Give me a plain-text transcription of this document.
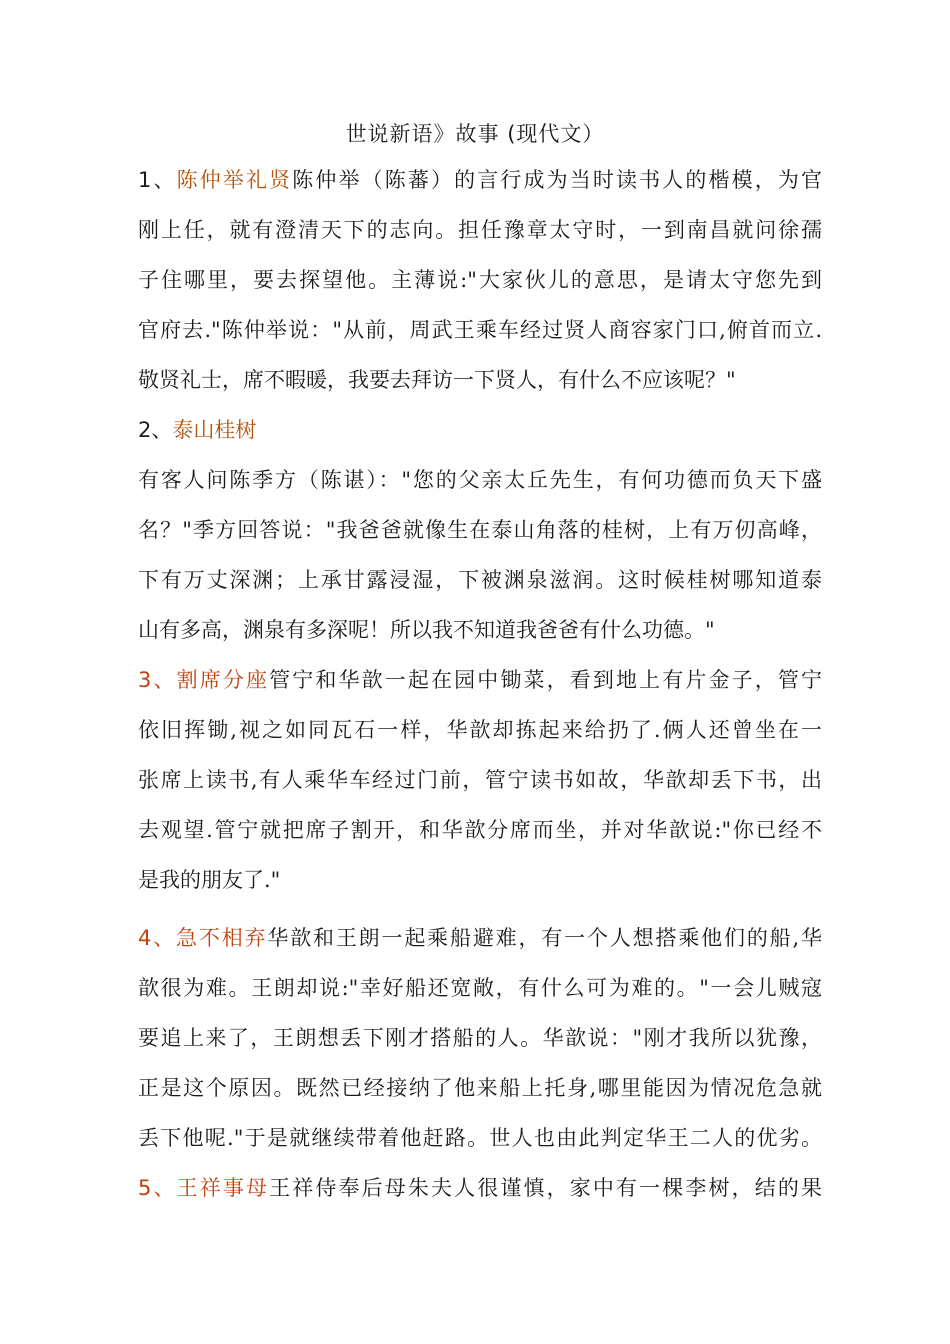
世说新语》故事 (现代文）
1、陈仲举礼贤陈仲举（陈蕃）的言行成为当时读书人的楷模，为官
刚上任，就有澄清天下的志向。担任豫章太守时，一到南昌就问徐孺
子住哪里，要去探望他。主薄说:"大家伙儿的意思，是请太守您先到
官府去."陈仲举说："从前，周武王乘车经过贤人商容家门口,俯首而立.
敬贤礼士，席不暇暖，我要去拜访一下贤人，有什么不应该呢？"
2、泰山桂树
有客人问陈季方（陈谌）："您的父亲太丘先生，有何功德而负天下盛
名？"季方回答说："我爸爸就像生在泰山角落的桂树，上有万仞高峰，
下有万丈深渊；上承甘露浸湿，下被渊泉滋润。这时候桂树哪知道泰
山有多高，渊泉有多深呢！所以我不知道我爸爸有什么功德。"
3、割席分座管宁和华歆一起在园中锄菜，看到地上有片金子，管宁
依旧挥锄,视之如同瓦石一样，华歆却拣起来给扔了.俩人还曾坐在一
张席上读书,有人乘华车经过门前，管宁读书如故，华歆却丢下书，出
去观望.管宁就把席子割开，和华歆分席而坐，并对华歆说:"你已经不
是我的朋友了."
4、急不相弃华歆和王朗一起乘船避难，有一个人想搭乘他们的船,华
歆很为难。王朗却说:"幸好船还宽敞，有什么可为难的。"一会儿贼寇
要追上来了，王朗想丢下刚才搭船的人。华歆说："刚才我所以犹豫，
正是这个原因。既然已经接纳了他来船上托身,哪里能因为情况危急就
丢下他呢."于是就继续带着他赶路。世人也由此判定华王二人的优劣。
5、王祥事母王祥侍奉后母朱夫人很谨慎，家中有一棵李树，结的果
